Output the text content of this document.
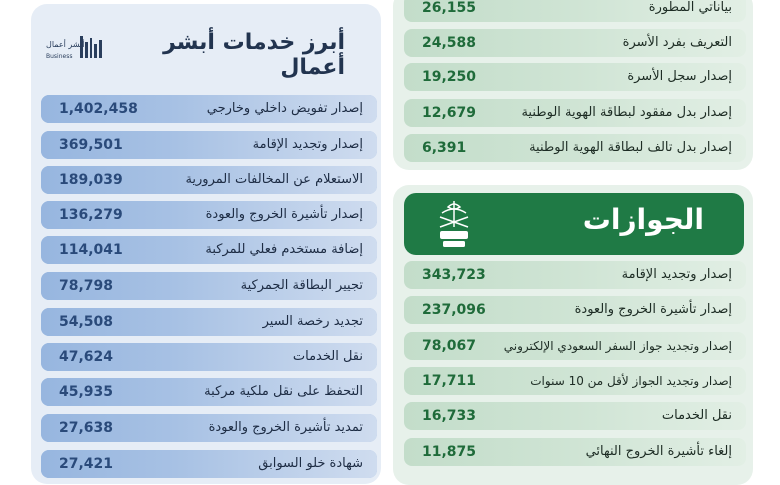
أبرز خدمات أبشر أعمال
أبشر أعمال
Business
1,402,458	إصدار تفويض داخلي وخارجي
369,501	إصدار وتجديد الإقامة
189,039	الاستعلام عن المخالفات المرورية
136,279	إصدار تأشيرة الخروج والعودة
114,041	إضافة مستخدم فعلي للمركبة
78,798	تجيير البطاقة الجمركية
54,508	تجديد رخصة السير
47,624	نقل الخدمات
45,935	التحفظ على نقل ملكية مركبة
27,638	تمديد تأشيرة الخروج والعودة
27,421	شهادة خلو السوابق
26,155	بياناتي المطورة
24,588	التعريف بفرد الأسرة
19,250	إصدار سجل الأسرة
12,679	إصدار بدل مفقود لبطاقة الهوية الوطنية
6,391	إصدار بدل تالف لبطاقة الهوية الوطنية
الجوازات
343,723	إصدار وتجديد الإقامة
237,096	إصدار تأشيرة الخروج والعودة
78,067 إصدار وتجديد جواز السفر السعودي الإلكتروني
17,711	إصدار وتجديد الجواز لأقل من 10 سنوات
16,733	نقل الخدمات
11,875	إلغاء تأشيرة الخروج النهائي
